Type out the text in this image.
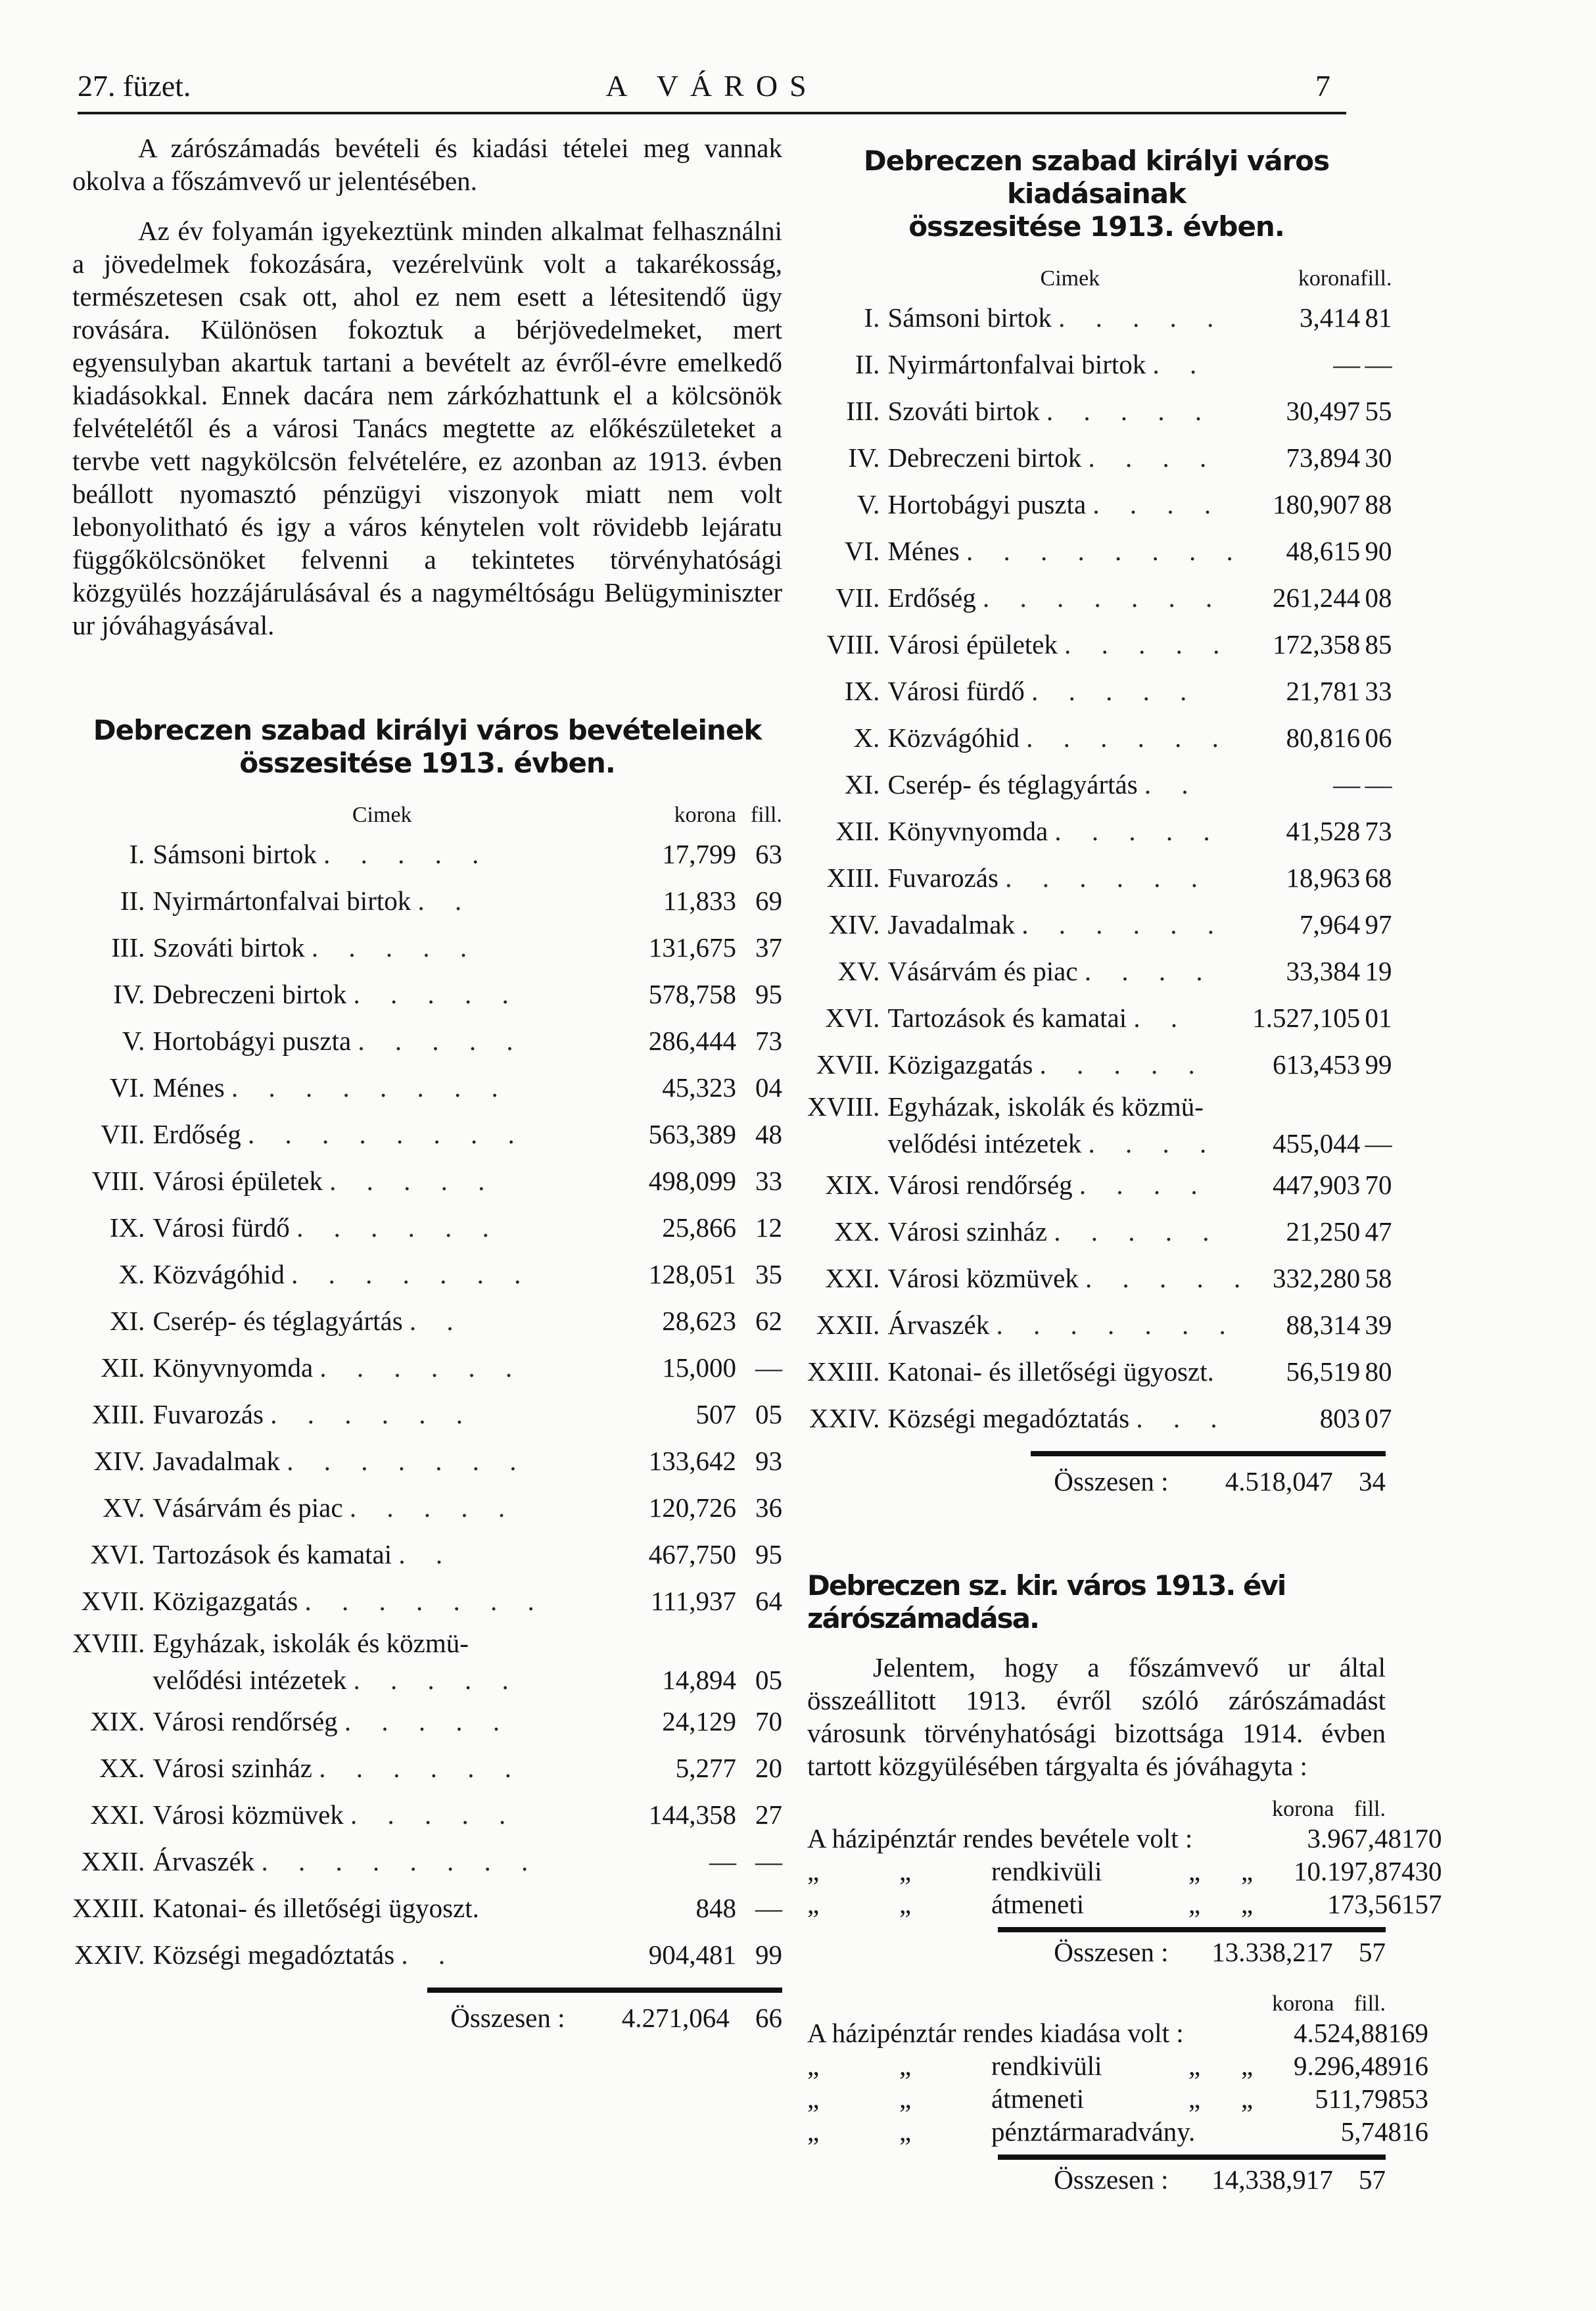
27. füzet.	A VÁROS	7

A zárószámadás bevételi és kiadási tételei meg vannak okolva a főszámvevő ur jelentésében.

Az év folyamán igyekeztünk minden alkalmat felhasználni a jövedelmek fokozására, vezérelvünk volt a takarékosság, természetesen csak ott, ahol ez nem esett a létesitendő ügy rovására. Különösen fokoztuk a bérjövedelmeket, mert egyensulyban akartuk tartani a bevételt az évről-évre emelkedő kiadásokkal. Ennek dacára nem zárkózhattunk el a kölcsönök felvételétől és a városi Tanács megtette az előkészületeket a tervbe vett nagykölcsön felvételére, ez azonban az 1913. évben beállott nyomasztó pénzügyi viszonyok miatt nem volt lebonyolitható és igy a város kénytelen volt rövidebb lejáratu függőkölcsönöket felvenni a tekintetes törvényhatósági közgyülés hozzájárulásával és a nagyméltóságu Belügyminiszter ur jóváhagyásával.

Debreczen szabad királyi város bevételeinek
összesitése 1913. évben.
	Cimek	korona	fill.
I.	Sámsoni birtok . . . . .	17,799	63
II.	Nyirmártonfalvai birtok . .	11,833	69
III.	Szováti birtok . . . . .	131,675	37
IV.	Debreczeni birtok . . . . .	578,758	95
V.	Hortobágyi puszta . . . . .	286,444	73
VI.	Ménes . . . . . . . .	45,323	04
VII.	Erdőség . . . . . . . .	563,389	48
VIII.	Városi épületek . . . . .	498,099	33
IX.	Városi fürdő . . . . . .	25,866	12
X.	Közvágóhid . . . . . . .	128,051	35
XI.	Cserép- és téglagyártás . .	28,623	62
XII.	Könyvnyomda . . . . . .	15,000	—
XIII.	Fuvarozás . . . . . .	507	05
XIV.	Javadalmak . . . . . . .	133,642	93
XV.	Vásárvám és piac . . . . .	120,726	36
XVI.	Tartozások és kamatai . .	467,750	95
XVII.	Közigazgatás . . . . . . .	111,937	64
XVIII.	Egyházak, iskolák és közmü-		
	velődési intézetek . . . . .	14,894	05
XIX.	Városi rendőrség . . . . .	24,129	70
XX.	Városi szinház . . . . . .	5,277	20
XXI.	Városi közmüvek . . . . .	144,358	27
XXII.	Árvaszék . . . . . . . .	—	—
XXIII.	Katonai- és illetőségi ügyoszt.	848	—
XXIV.	Községi megadóztatás . .	904,481	99
Összesen : 4.271,064 66
Debreczen szabad királyi város kiadásainak
összesitése 1913. évben.
	Cimek	korona	fill.
I.	Sámsoni birtok . . . . .	3,414	81
II.	Nyirmártonfalvai birtok . .	—	—
III.	Szováti birtok . . . . .	30,497	55
IV.	Debreczeni birtok . . . .	73,894	30
V.	Hortobágyi puszta . . . .	180,907	88
VI.	Ménes . . . . . . . .	48,615	90
VII.	Erdőség . . . . . . .	261,244	08
VIII.	Városi épületek . . . . .	172,358	85
IX.	Városi fürdő . . . . .	21,781	33
X.	Közvágóhid . . . . . .	80,816	06
XI.	Cserép- és téglagyártás . .	—	—
XII.	Könyvnyomda . . . . .	41,528	73
XIII.	Fuvarozás . . . . . .	18,963	68
XIV.	Javadalmak . . . . . .	7,964	97
XV.	Vásárvám és piac . . . .	33,384	19
XVI.	Tartozások és kamatai . .	1.527,105	01
XVII.	Közigazgatás . . . . .	613,453	99
XVIII.	Egyházak, iskolák és közmü-		
	velődési intézetek . . . .	455,044	—
XIX.	Városi rendőrség . . . .	447,903	70
XX.	Városi szinház . . . . .	21,250	47
XXI.	Városi közmüvek . . . . .	332,280	58
XXII.	Árvaszék . . . . . . .	88,314	39
XXIII.	Katonai- és illetőségi ügyoszt.	56,519	80
XXIV.	Községi megadóztatás . . .	803	07
Összesen : 4.518,047 34
Debreczen sz. kir. város 1913. évi zárószámadása.

Jelentem, hogy a főszámvevő ur által összeállitott 1913. évről szóló zárószámadást városunk törvényhatósági bizottsága 1914. évben tartott közgyülésében tárgyalta és jóváhagyta :

korona fill.
A házipénztár rendes bevétele volt :	3.967,481	70
„ „ rendkivüli „ „	10.197,874	30
„ „ átmeneti „ „	173,561	57
Összesen : 13.338,217 57
korona fill.
A házipénztár rendes kiadása volt :	4.524,881	69
„ „ rendkivüli „ „	9.296,489	16
„ „ átmeneti „ „	511,798	53
„ „ pénztármaradvány.	5,748	16
Összesen : 14,338,917 57
